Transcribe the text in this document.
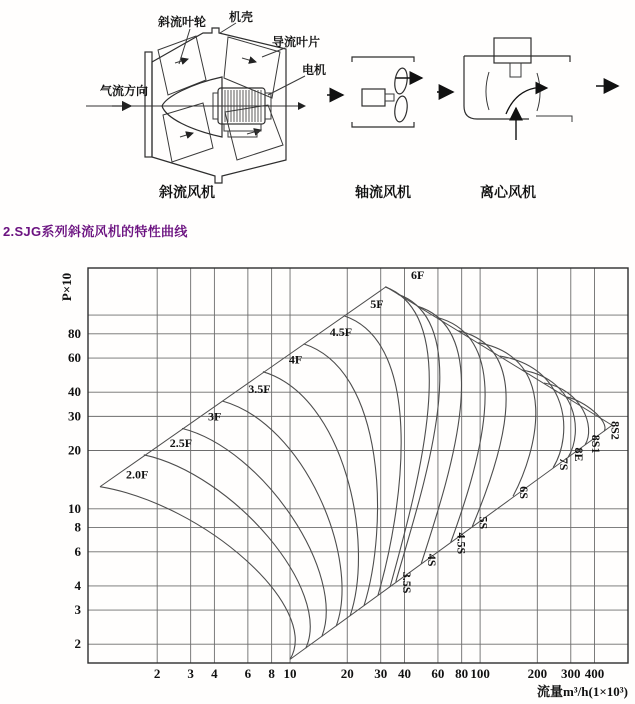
斜流叶轮 机壳
导流叶片
电机
气流方向
斜流风机	轴流风机	离心风机
2.SJG系列斜流风机的特性曲线
2 3 4 6 8 10	20 30 40 60 80 100	200 300 400
2
3
4
6
8
10
20
30
40
60
80
2.0F
2.5F
3F
3.5F
4F
4.5F
5F
6F
3.5S
4S
4.5S
5S
6S
7S
8E
8S1
8S2
P×10
流量m³/h(1×10³)
